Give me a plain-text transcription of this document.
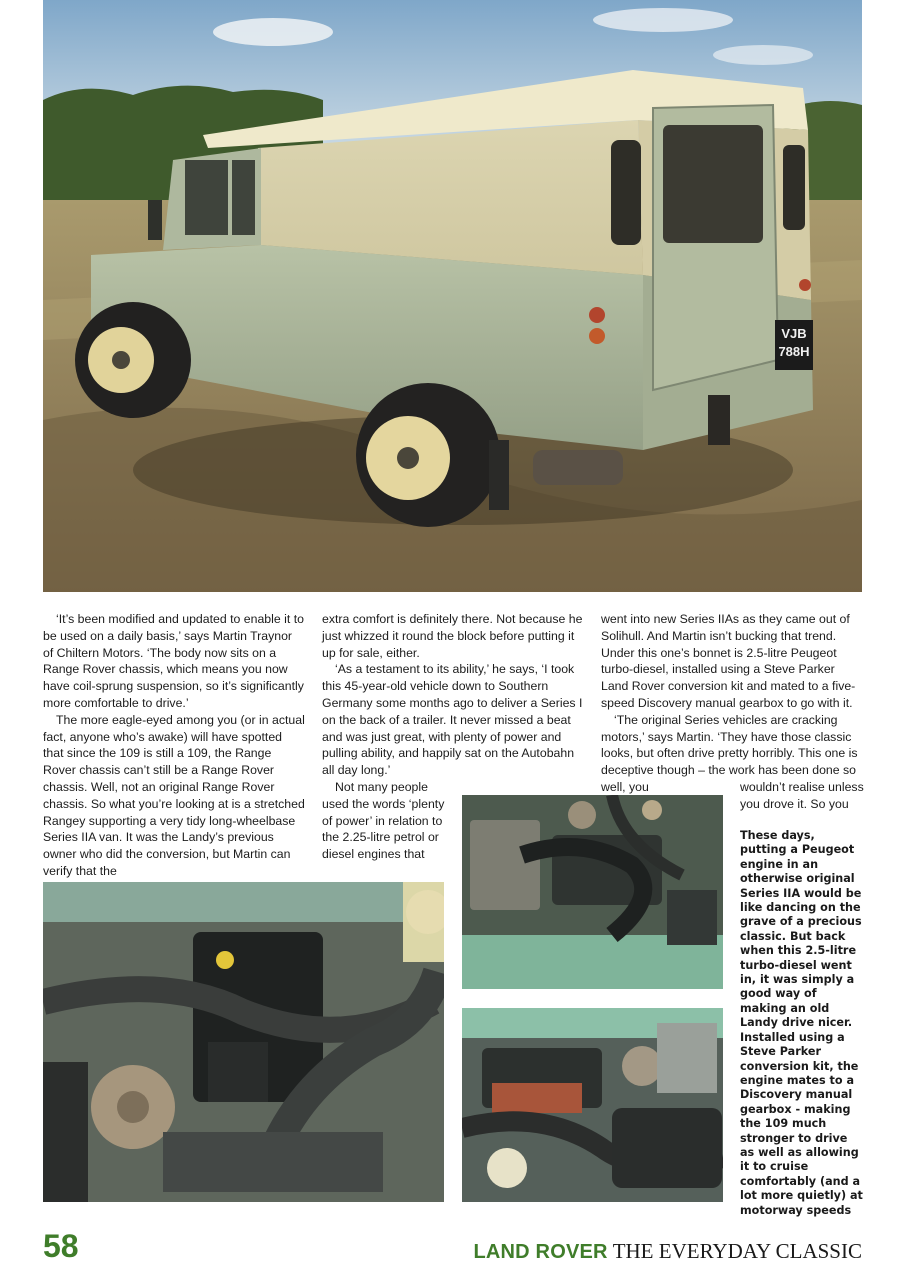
VJB
788H

‘It’s been modified and updated to enable it to be used on a daily basis,’ says Martin Traynor of Chiltern Motors. ‘The body now sits on a Range Rover chassis, which means you now have coil-sprung suspension, so it’s significantly more comfortable to drive.’

The more eagle-eyed among you (or in actual fact, anyone who’s awake) will have spotted that since the 109 is still a 109, the Range Rover chassis can’t still be a Range Rover chassis. Well, not an original Range Rover chassis. So what you’re looking at is a stretched Rangey supporting a very tidy long-wheelbase Series IIA van. It was the Landy’s previous owner who did the conversion, but Martin can verify that the

extra comfort is definitely there. Not because he just whizzed it round the block before putting it up for sale, either.

‘As a testament to its ability,’ he says, ‘I took this 45-year-old vehicle down to Southern Germany some months ago to deliver a Series I on the back of a trailer. It never missed a beat and was just great, with plenty of power and pulling ability, and happily sat on the Autobahn all day long.’

Not many people used the words ‘plenty of power’ in relation to the 2.25-litre petrol or diesel engines that

went into new Series IIAs as they came out of Solihull. And Martin isn’t bucking that trend. Under this one’s bonnet is 2.5-litre Peugeot turbo-diesel, installed using a Steve Parker Land Rover conversion kit and mated to a five-speed Discovery manual gearbox to go with it.

‘The original Series vehicles are cracking motors,’ says Martin. ‘They have those classic looks, but often drive pretty horribly. This one is deceptive though – the work has been done so well, you	wouldn’t realise unless you drove it. So you

These days, putting a Peugeot engine in an otherwise original Series IIA would be like dancing on the grave of a precious classic. But back when this 2.5-litre turbo-diesel went in, it was simply a good way of making an old Landy drive nicer. Installed using a Steve Parker conversion kit, the engine mates to a Discovery manual gearbox - making the 109 much stronger to drive as well as allowing it to cruise comfortably (and a lot more quietly) at motorway speeds
58	LAND ROVER THE EVERYDAY CLASSIC
